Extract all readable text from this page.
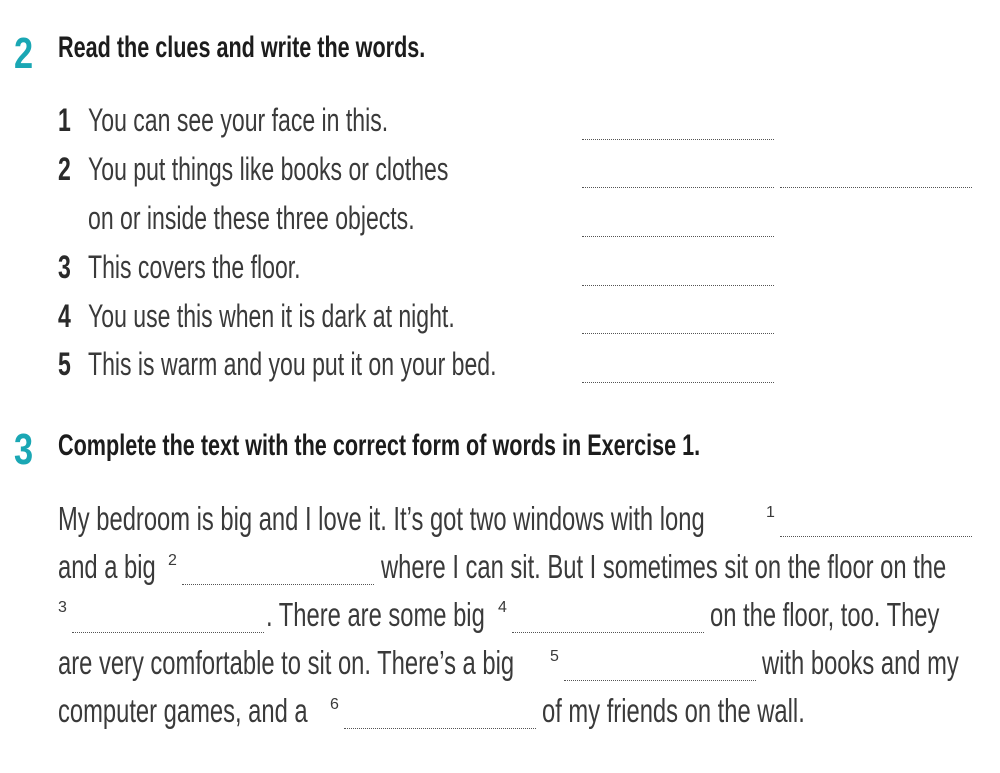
2 Read the clues and write the words.
1 You can see your face in this.
2 You put things like books or clothes
on or inside these three objects.
3 This covers the floor.
4 You use this when it is dark at night.
5 This is warm and you put it on your bed.
3 Complete the text with the correct form of words in Exercise 1.
My bedroom is big and I love it. It’s got two windows with long	1
and a big 2	where I can sit. But I sometimes sit on the floor on the
3	. There are some big 4	on the floor, too. They
are very comfortable to sit on. There’s a big	5	with books and my
computer games, and a	6	of my friends on the wall.
